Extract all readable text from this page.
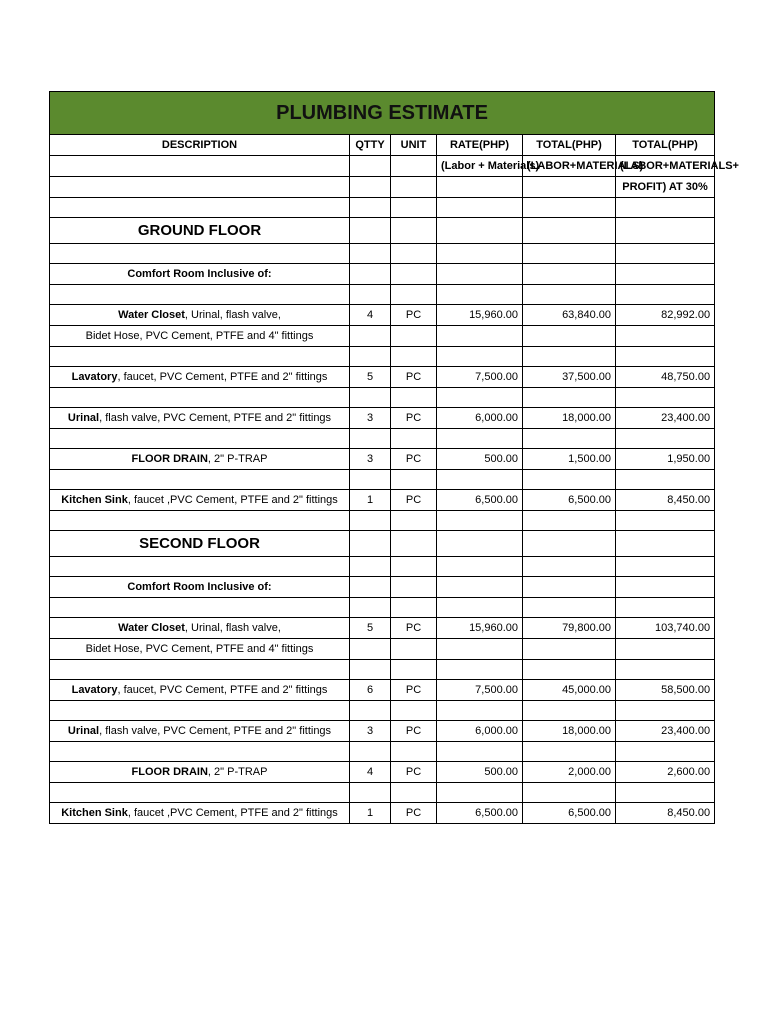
PLUMBING ESTIMATE					
DESCRIPTION	QTTY	UNIT	RATE(PHP)	TOTAL(PHP)	TOTAL(PHP)
			(Labor + Materials)	(LABOR+MATERIALS)	(LABOR+MATERIALS+
					PROFIT) AT 30%

GROUND FLOOR					

Comfort Room Inclusive of:					

Water Closet, Urinal, flash valve,	4	PC	15,960.00	63,840.00	82,992.00
Bidet Hose, PVC Cement, PTFE and 4" fittings					

Lavatory, faucet, PVC Cement, PTFE and 2" fittings	5	PC	7,500.00	37,500.00	48,750.00

Urinal, flash valve, PVC Cement, PTFE and 2" fittings	3	PC	6,000.00	18,000.00	23,400.00

FLOOR DRAIN, 2" P-TRAP	3	PC	500.00	1,500.00	1,950.00

Kitchen Sink, faucet ,PVC Cement, PTFE and 2" fittings	1	PC	6,500.00	6,500.00	8,450.00

SECOND FLOOR					

Comfort Room Inclusive of:					

Water Closet, Urinal, flash valve,	5	PC	15,960.00	79,800.00	103,740.00
Bidet Hose, PVC Cement, PTFE and 4" fittings					

Lavatory, faucet, PVC Cement, PTFE and 2" fittings	6	PC	7,500.00	45,000.00	58,500.00

Urinal, flash valve, PVC Cement, PTFE and 2" fittings	3	PC	6,000.00	18,000.00	23,400.00

FLOOR DRAIN, 2" P-TRAP	4	PC	500.00	2,000.00	2,600.00

Kitchen Sink, faucet ,PVC Cement, PTFE and 2" fittings	1	PC	6,500.00	6,500.00	8,450.00
